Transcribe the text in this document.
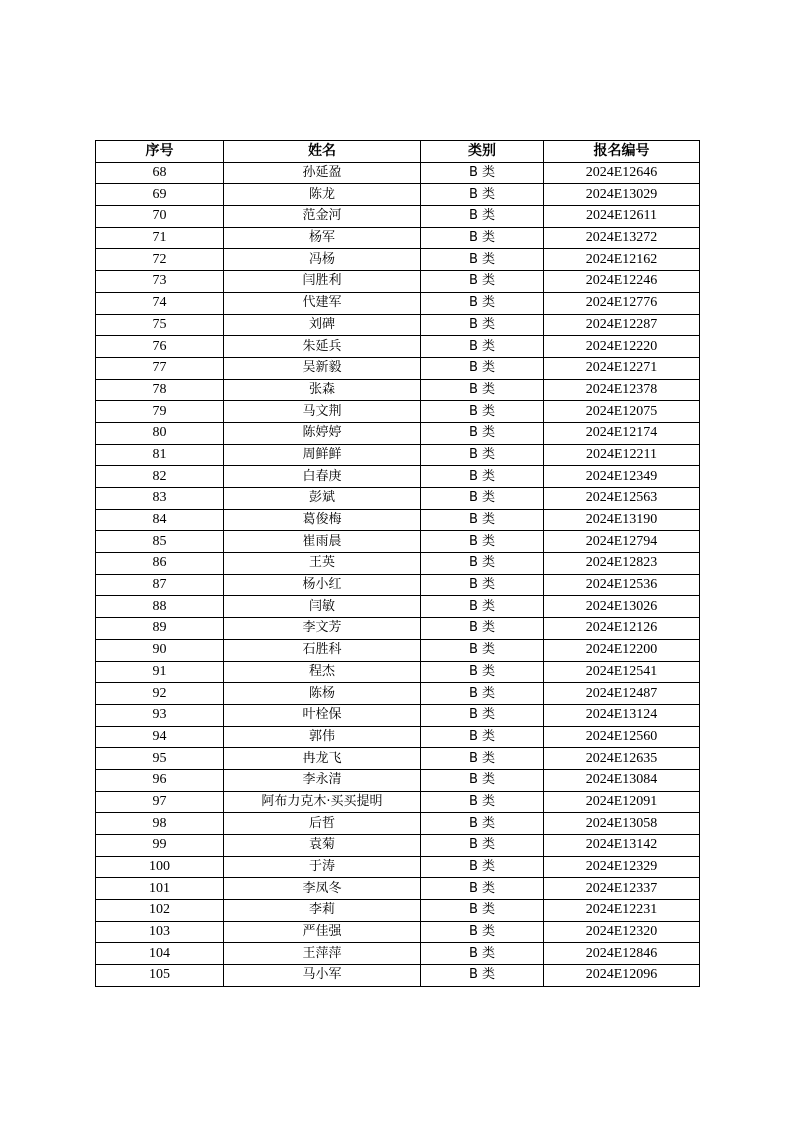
序号	姓名	类别	报名编号
68	孙延盈	B 类	2024E12646
69	陈龙	B 类	2024E13029
70	范金河	B 类	2024E12611
71	杨军	B 类	2024E13272
72	冯杨	B 类	2024E12162
73	闫胜利	B 类	2024E12246
74	代建军	B 类	2024E12776
75	刘碑	B 类	2024E12287
76	朱延兵	B 类	2024E12220
77	吴新毅	B 类	2024E12271
78	张森	B 类	2024E12378
79	马文荆	B 类	2024E12075
80	陈婷婷	B 类	2024E12174
81	周鲜鲜	B 类	2024E12211
82	白春庚	B 类	2024E12349
83	彭斌	B 类	2024E12563
84	葛俊梅	B 类	2024E13190
85	崔雨晨	B 类	2024E12794
86	王英	B 类	2024E12823
87	杨小红	B 类	2024E12536
88	闫敏	B 类	2024E13026
89	李文芳	B 类	2024E12126
90	石胜科	B 类	2024E12200
91	程杰	B 类	2024E12541
92	陈杨	B 类	2024E12487
93	叶栓保	B 类	2024E13124
94	郭伟	B 类	2024E12560
95	冉龙飞	B 类	2024E12635
96	李永清	B 类	2024E13084
97	阿布力克木·买买提明	B 类	2024E12091
98	后哲	B 类	2024E13058
99	袁菊	B 类	2024E13142
100	于涛	B 类	2024E12329
101	李凤冬	B 类	2024E12337
102	李莉	B 类	2024E12231
103	严佳强	B 类	2024E12320
104	王萍萍	B 类	2024E12846
105	马小军	B 类	2024E12096
